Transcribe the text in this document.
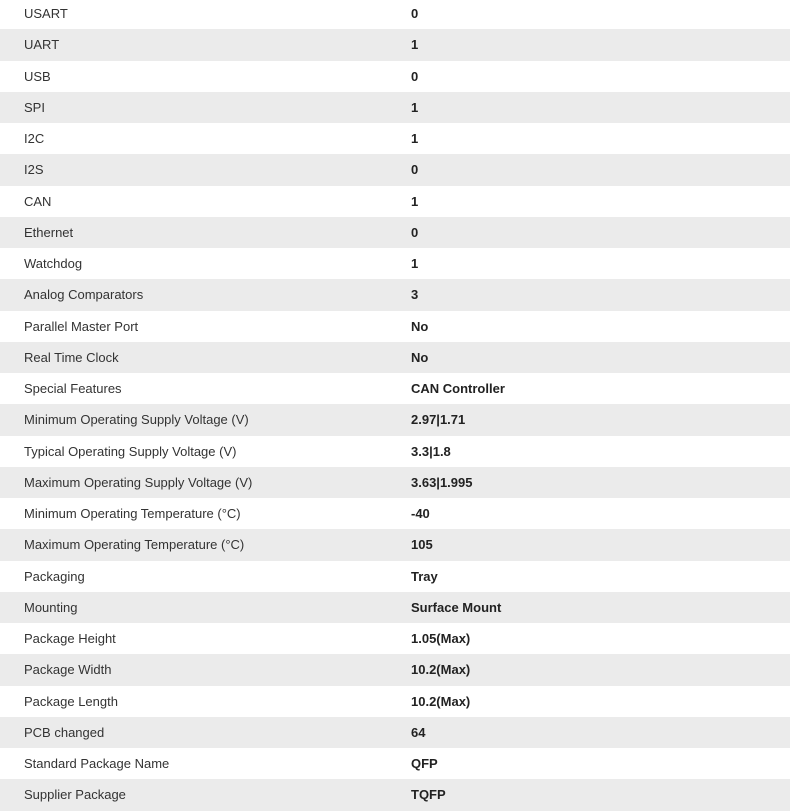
USART	0
UART	1
USB	0
SPI	1
I2C	1
I2S	0
CAN	1
Ethernet	0
Watchdog	1
Analog Comparators	3
Parallel Master Port	No
Real Time Clock	No
Special Features	CAN Controller
Minimum Operating Supply Voltage (V)	2.97|1.71
Typical Operating Supply Voltage (V)	3.3|1.8
Maximum Operating Supply Voltage (V)	3.63|1.995
Minimum Operating Temperature (°C)	-40
Maximum Operating Temperature (°C)	105
Packaging	Tray
Mounting	Surface Mount
Package Height	1.05(Max)
Package Width	10.2(Max)
Package Length	10.2(Max)
PCB changed	64
Standard Package Name	QFP
Supplier Package	TQFP
